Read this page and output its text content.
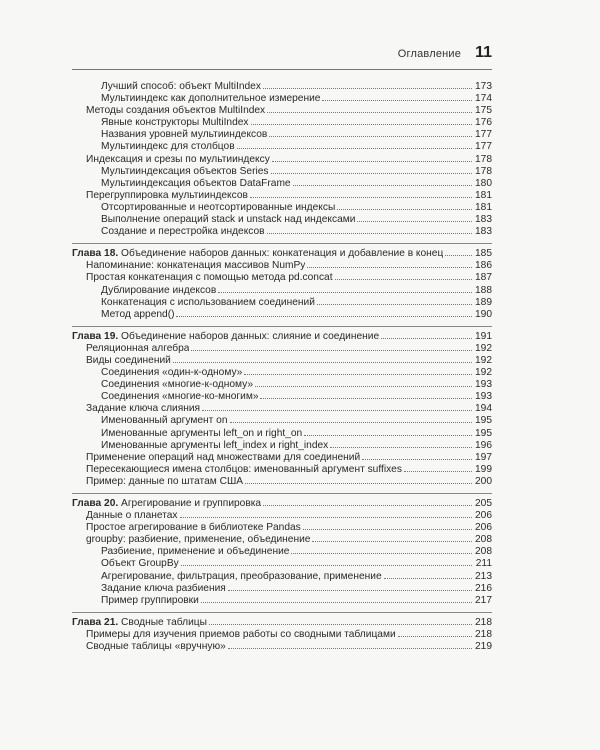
Оглавление 11
Лучший способ: объект MultiIndex	173
Мультииндекс как дополнительное измерение	174
Методы создания объектов MultiIndex	175
Явные конструкторы MultiIndex	176
Названия уровней мультииндексов	177
Мультииндекс для столбцов	177
Индексация и срезы по мультииндексу	178
Мультииндексация объектов Series	178
Мультииндексация объектов DataFrame	180
Перегруппировка мультииндексов	181
Отсортированные и неотсортированные индексы	181
Выполнение операций stack и unstack над индексами	183
Создание и перестройка индексов	183
Глава 18. Объединение наборов данных: конкатенация и добавление в конец	185
Напоминание: конкатенация массивов NumPy	186
Простая конкатенация с помощью метода pd.concat	187
Дублирование индексов	188
Конкатенация с использованием соединений	189
Метод append()	190
Глава 19. Объединение наборов данных: слияние и соединение	191
Реляционная алгебра	192
Виды соединений	192
Соединения «один-к-одному»	192
Соединения «многие-к-одному»	193
Соединения «многие-ко-многим»	193
Задание ключа слияния	194
Именованный аргумент on	195
Именованные аргументы left_on и right_on	195
Именованные аргументы left_index и right_index	196
Применение операций над множествами для соединений	197
Пересекающиеся имена столбцов: именованный аргумент suffixes	199
Пример: данные по штатам США	200
Глава 20. Агрегирование и группировка	205
Данные о планетах	206
Простое агрегирование в библиотеке Pandas	206
groupby: разбиение, применение, объединение	208
Разбиение, применение и объединение	208
Объект GroupBy	211
Агрегирование, фильтрация, преобразование, применение	213
Задание ключа разбиения	216
Пример группировки	217
Глава 21. Сводные таблицы	218
Примеры для изучения приемов работы со сводными таблицами	218
Сводные таблицы «вручную»	219
